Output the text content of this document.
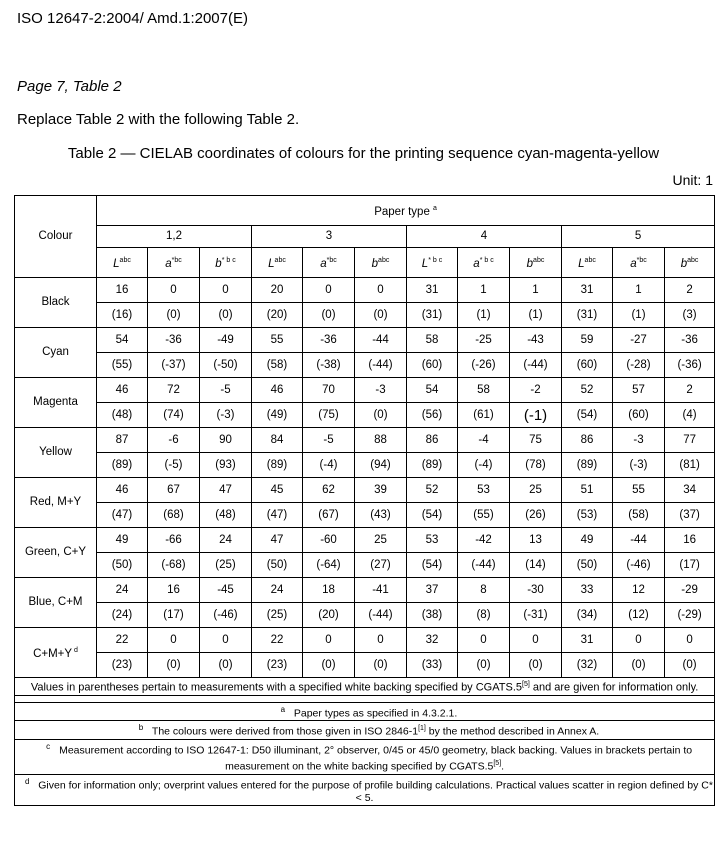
ISO 12647-2:2004/ Amd.1:2007(E)
Page 7, Table 2
Replace Table 2 with the following Table 2.
Table 2 — CIELAB coordinates of colours for the printing sequence cyan-magenta-yellow
Unit: 1
Colour	Paper type $^a$
	1,2			3			4			5		
	$L^{abc}$	$a^{*bc}$	$b^{* b c}$	$L^{abc}$	$a^{*bc}$	$b^{abc}$	$L^{* b c}$	$a^{* b c}$	$b^{abc}$	$L^{abc}$	$a^{*bc}$	$b^{abc}$
Black	16	0	0	20	0	0	31	1	1	31	1	2
	(16)	(0)	(0)	(20)	(0)	(0)	(31)	(1)	(1)	(31)	(1)	(3)
Cyan	54	-36	-49	55	-36	-44	58	-25	-43	59	-27	-36
	(55)	(-37)	(-50)	(58)	(-38)	(-44)	(60)	(-26)	(-44)	(60)	(-28)	(-36)
Magenta	46	72	-5	46	70	-3	54	58	-2	52	57	2
	(48)	(74)	(-3)	(49)	(75)	(0)	(56)	(61)	(-1)	(54)	(60)	(4)
Yellow	87	-6	90	84	-5	88	86	-4	75	86	-3	77
	(89)	(-5)	(93)	(89)	(-4)	(94)	(89)	(-4)	(78)	(89)	(-3)	(81)
Red, M+Y	46	67	47	45	62	39	52	53	25	51	55	34
	(47)	(68)	(48)	(47)	(67)	(43)	(54)	(55)	(26)	(53)	(58)	(37)
Green, C+Y	49	-66	24	47	-60	25	53	-42	13	49	-44	16
	(50)	(-68)	(25)	(50)	(-64)	(27)	(54)	(-44)	(14)	(50)	(-46)	(17)
Blue, C+M	24	16	-45	24	18	-41	37	8	-30	33	12	-29
	(24)	(17)	(-46)	(25)	(20)	(-44)	(38)	(8)	(-31)	(34)	(12)	(-29)
C+M+Y $^d$	22	0	0	22	0	0	32	0	0	31	0	0
	(23)	(0)	(0)	(23)	(0)	(0)	(33)	(0)	(0)	(32)	(0)	(0)
Values in parentheses pertain to measurements with a specified white backing specified by CGATS.5[5] and are given for information only.												

a Paper types as specified in 4.3.2.1.												
b The colours were derived from those given in ISO 2846-1[1] by the method described in Annex A.												
c Measurement according to ISO 12647-1: D50 illuminant, 2° observer, 0/45 or 45/0 geometry, black backing. Values in brackets pertain to measurement on the white backing specified by CGATS.5[5].												
d Given for information only; overprint values entered for the purpose of profile building calculations. Practical values scatter in region defined by C*< 5.												
